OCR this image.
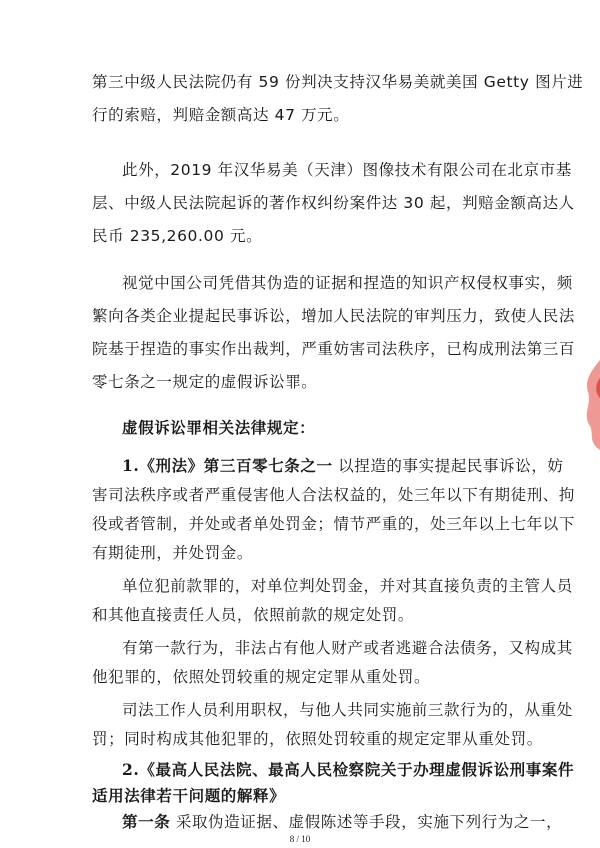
第三中级人民法院仍有 59 份判决支持汉华易美就美国 Getty 图片进
行的索赔，判赔金额高达 47 万元。
此外，2019 年汉华易美（天津）图像技术有限公司在北京市基
层、中级人民法院起诉的著作权纠纷案件达 30 起，判赔金额高达人
民币 235,260.00 元。
视觉中国公司凭借其伪造的证据和捏造的知识产权侵权事实，频
繁向各类企业提起民事诉讼，增加人民法院的审判压力，致使人民法
院基于捏造的事实作出裁判，严重妨害司法秩序，已构成刑法第三百
零七条之一规定的虚假诉讼罪。
虚假诉讼罪相关法律规定：
1.《刑法》第三百零七条之一 以捏造的事实提起民事诉讼，妨
害司法秩序或者严重侵害他人合法权益的，处三年以下有期徒刑、拘
役或者管制，并处或者单处罚金；情节严重的，处三年以上七年以下
有期徒刑，并处罚金。
单位犯前款罪的，对单位判处罚金，并对其直接负责的主管人员
和其他直接责任人员，依照前款的规定处罚。
有第一款行为，非法占有他人财产或者逃避合法债务，又构成其
他犯罪的，依照处罚较重的规定定罪从重处罚。
司法工作人员利用职权，与他人共同实施前三款行为的，从重处
罚；同时构成其他犯罪的，依照处罚较重的规定定罪从重处罚。
2.《最高人民法院、最高人民检察院关于办理虚假诉讼刑事案件
适用法律若干问题的解释》
第一条 采取伪造证据、虚假陈述等手段，实施下列行为之一，
8 / 10
